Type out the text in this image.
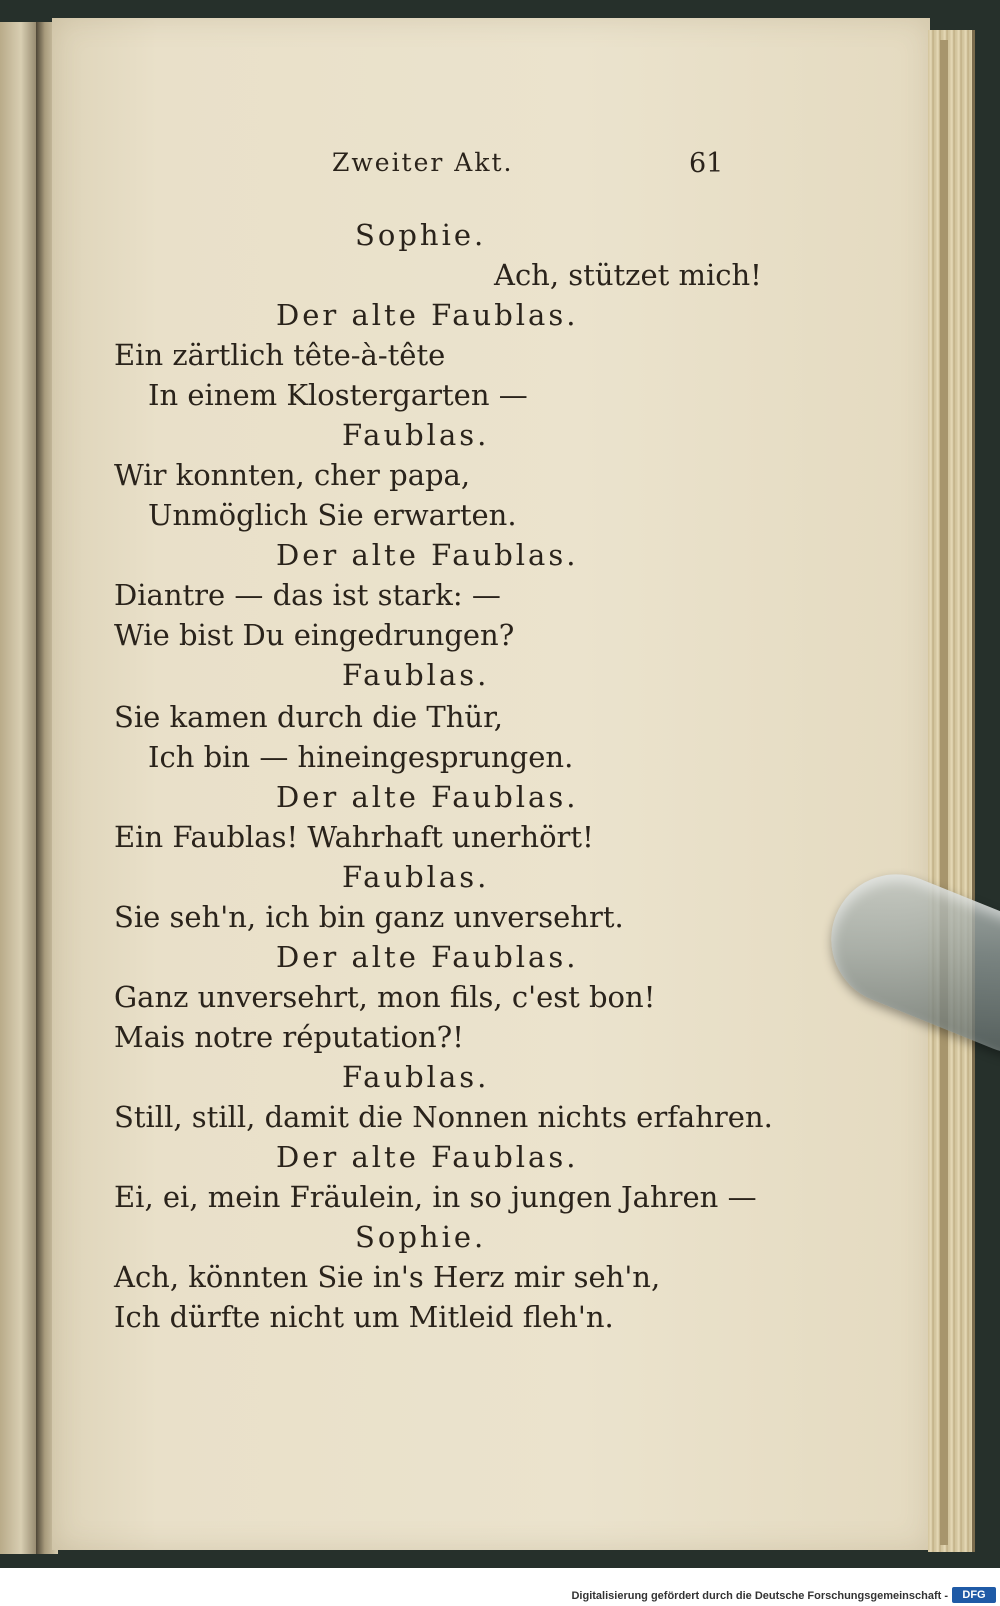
Zweiter Akt.	61
Sophie.
Ach, stützet mich!
Der alte Faublas.
Ein zärtlich tête-à-tête
In einem Klostergarten —
Faublas.
Wir konnten, cher papa,
Unmöglich Sie erwarten.
Der alte Faublas.
Diantre — das ist stark: —
Wie bist Du eingedrungen?
Faublas.
Sie kamen durch die Thür,
Ich bin — hineingesprungen.
Der alte Faublas.
Ein Faublas! Wahrhaft unerhört!
Faublas.
Sie seh'n, ich bin ganz unversehrt.
Der alte Faublas.
Ganz unversehrt, mon fils, c'est bon!
Mais notre réputation?!
Faublas.
Still, still, damit die Nonnen nichts erfahren.
Der alte Faublas.
Ei, ei, mein Fräulein, in so jungen Jahren —
Sophie.
Ach, könnten Sie in's Herz mir seh'n,
Ich dürfte nicht um Mitleid fleh'n.
Digitalisierung gefördert durch die Deutsche Forschungsgemeinschaft -	DFG
